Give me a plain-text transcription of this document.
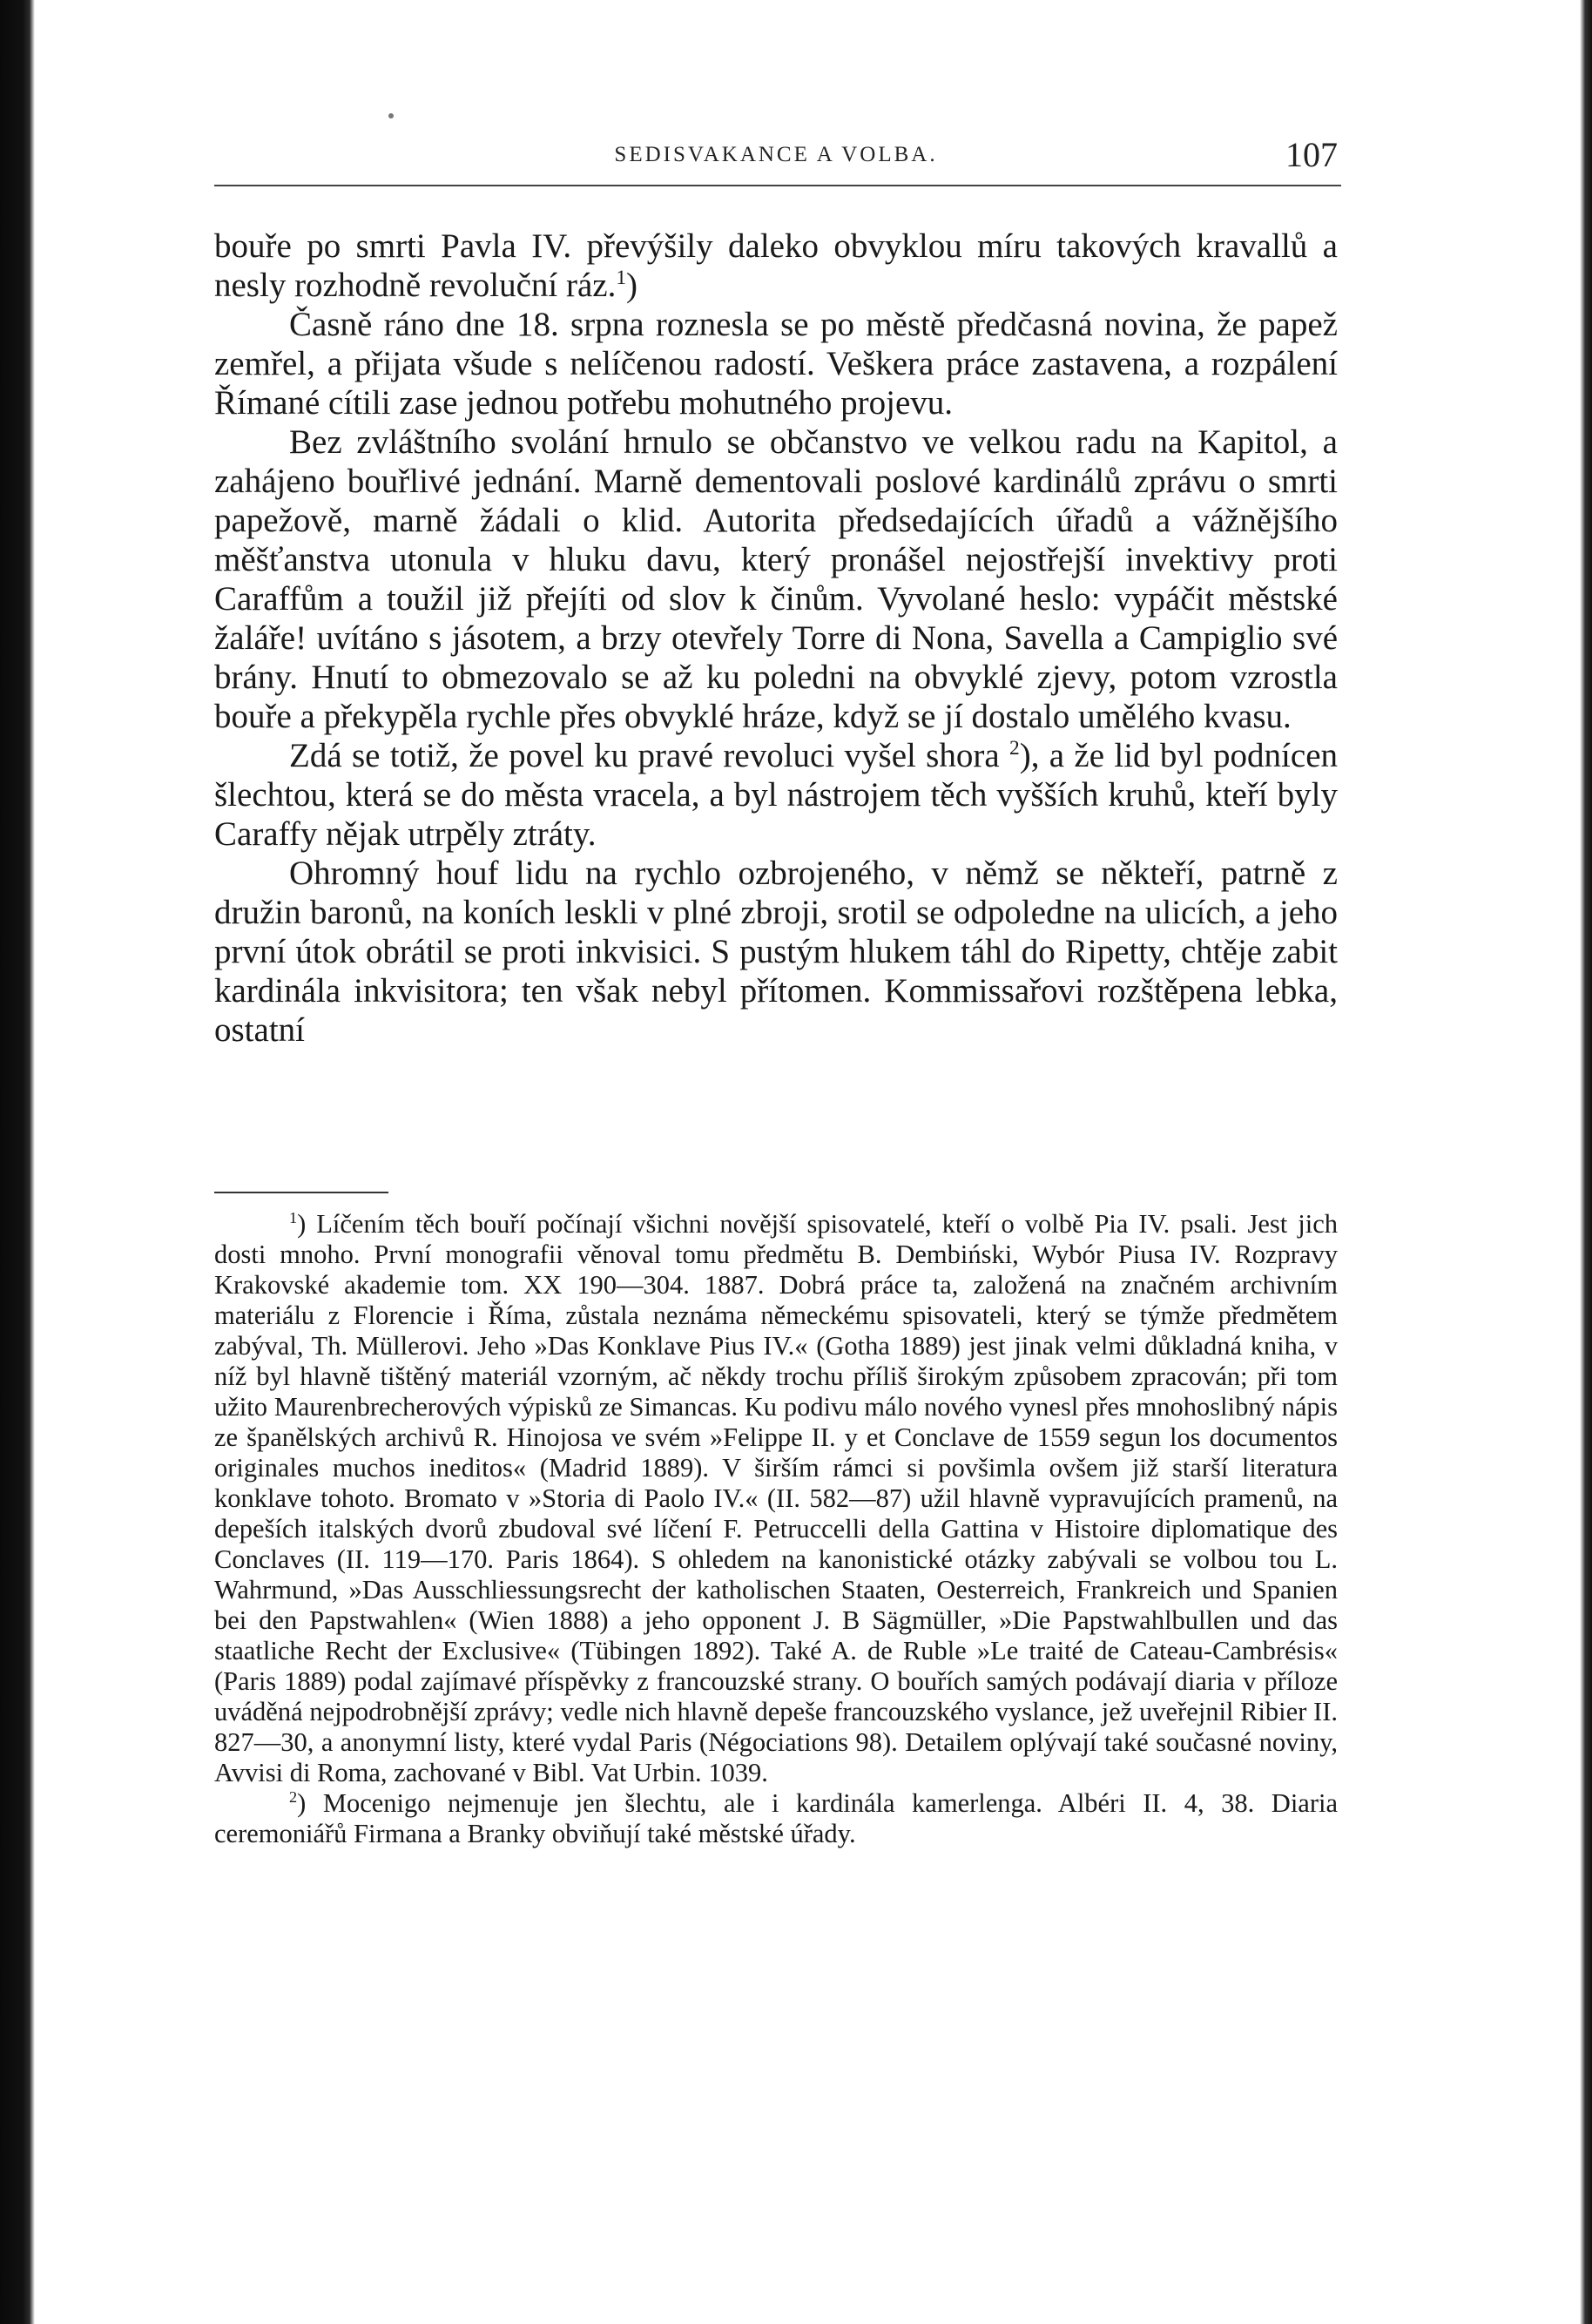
SEDISVAKANCE A VOLBA.	107

bouře po smrti Pavla IV. převýšily daleko obvyklou míru takových kravallů a nesly rozhodně revoluční ráz.$^1$)

Časně ráno dne 18. srpna roznesla se po městě předčasná novina, že papež zemřel, a přijata všude s nelíčenou radostí. Veškera práce zastavena, a rozpálení Římané cítili zase jednou potřebu mohutného projevu.

Bez zvláštního svolání hrnulo se občanstvo ve velkou radu na Kapitol, a zahájeno bouřlivé jednání. Marně dementovali poslové kardinálů zprávu o smrti papežově, marně žádali o klid. Autorita předsedajících úřadů a vážnějšího měšťanstva utonula v hluku davu, který pronášel nejostřejší invektivy proti Caraffům a toužil již přejíti od slov k činům. Vyvolané heslo: vypáčit městské žaláře! uvítáno s jásotem, a brzy otevřely Torre di Nona, Savella a Campiglio své brány. Hnutí to obmezovalo se až ku poledni na obvyklé zjevy, potom vzrostla bouře a překypěla rychle přes obvyklé hráze, když se jí dostalo umělého kvasu.

Zdá se totiž, že povel ku pravé revoluci vyšel shora $^2$), a že lid byl podnícen šlechtou, která se do města vracela, a byl nástrojem těch vyšších kruhů, kteří byly Caraffy nějak utrpěly ztráty.

Ohromný houf lidu na rychlo ozbrojeného, v němž se někteří, patrně z družin baronů, na koních leskli v plné zbroji, srotil se odpoledne na ulicích, a jeho první útok obrátil se proti inkvisici. S pustým hlukem táhl do Ripetty, chtěje zabit kardinála inkvisitora; ten však nebyl přítomen. Kommissařovi rozštěpena lebka, ostatní

$^1$) Líčením těch bouří počínají všichni novější spisovatelé, kteří o volbě Pia IV. psali. Jest jich dosti mnoho. První monografii věnoval tomu předmětu B. Dembiński, Wybór Piusa IV. Rozpravy Krakovské akademie tom. XX 190—304. 1887. Dobrá práce ta, založená na značném archivním materiálu z Florencie i Říma, zůstala neznáma německému spisovateli, který se týmže předmětem zabýval, Th. Müllerovi. Jeho »Das Konklave Pius IV.« (Gotha 1889) jest jinak velmi důkladná kniha, v níž byl hlavně tištěný materiál vzorným, ač někdy trochu příliš širokým způsobem zpracován; při tom užito Maurenbrecherových výpisků ze Simancas. Ku podivu málo nového vynesl přes mnohoslibný nápis ze španělských archivů R. Hinojosa ve svém »Felippe II. y et Conclave de 1559 segun los documentos originales muchos ineditos« (Madrid 1889). V širším rámci si povšimla ovšem již starší literatura konklave tohoto. Bromato v »Storia di Paolo IV.« (II. 582—87) užil hlavně vypravujících pramenů, na depeších italských dvorů zbudoval své líčení F. Petruccelli della Gattina v Histoire diplomatique des Conclaves (II. 119—170. Paris 1864). S ohledem na kanonistické otázky zabývali se volbou tou L. Wahrmund, »Das Ausschliessungsrecht der katholischen Staaten, Oesterreich, Frankreich und Spanien bei den Papstwahlen« (Wien 1888) a jeho opponent J. B Sägmüller, »Die Papstwahlbullen und das staatliche Recht der Exclusive« (Tübingen 1892). Také A. de Ruble »Le traité de Cateau-Cambrésis« (Paris 1889) podal zajímavé příspěvky z francouzské strany. O bouřích samých podávají diaria v příloze uváděná nejpodrobnější zprávy; vedle nich hlavně depeše francouzského vyslance, jež uveřejnil Ribier II. 827—30, a anonymní listy, které vydal Paris (Négociations 98). Detailem oplývají také současné noviny, Avvisi di Roma, zachované v Bibl. Vat Urbin. 1039.

$^2$) Mocenigo nejmenuje jen šlechtu, ale i kardinála kamerlenga. Albéri II. 4, 38. Diaria ceremoniářů Firmana a Branky obviňují také městské úřady.
